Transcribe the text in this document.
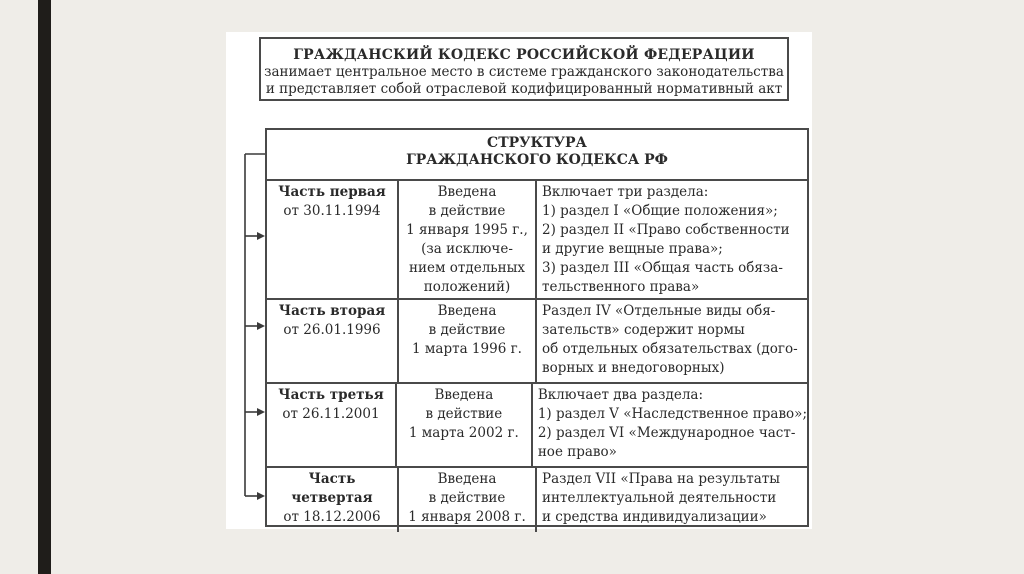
ГРАЖДАНСКИЙ КОДЕКС РОССИЙСКОЙ ФЕДЕРАЦИИ
занимает центральное место в системе гражданского законодательства
и представляет собой отраслевой кодифицированный нормативный акт
СТРУКТУРА
ГРАЖДАНСКОГО КОДЕКСА РФ
Часть первая
от 30.11.1994
Введена
в действие
1 января 1995 г.,
(за исключе-
нием отдельных
положений)
Включает три раздела:
1) раздел I «Общие положения»;
2) раздел II «Право собственности
и другие вещные права»;
3) раздел III «Общая часть обяза-
тельственного права»
Часть вторая
от 26.01.1996
Введена
в действие
1 марта 1996 г.
Раздел IV «Отдельные виды обя-
зательств» содержит нормы
об отдельных обязательствах (дого-
ворных и внедоговорных)
Часть третья
от 26.11.2001
Введена
в действие
1 марта 2002 г.
Включает два раздела:
1) раздел V «Наследственное право»;
2) раздел VI «Международное част-
ное право»
Часть
четвертая
от 18.12.2006
Введена
в действие
1 января 2008 г.
Раздел VII «Права на результаты
интеллектуальной деятельности
и средства индивидуализации»
